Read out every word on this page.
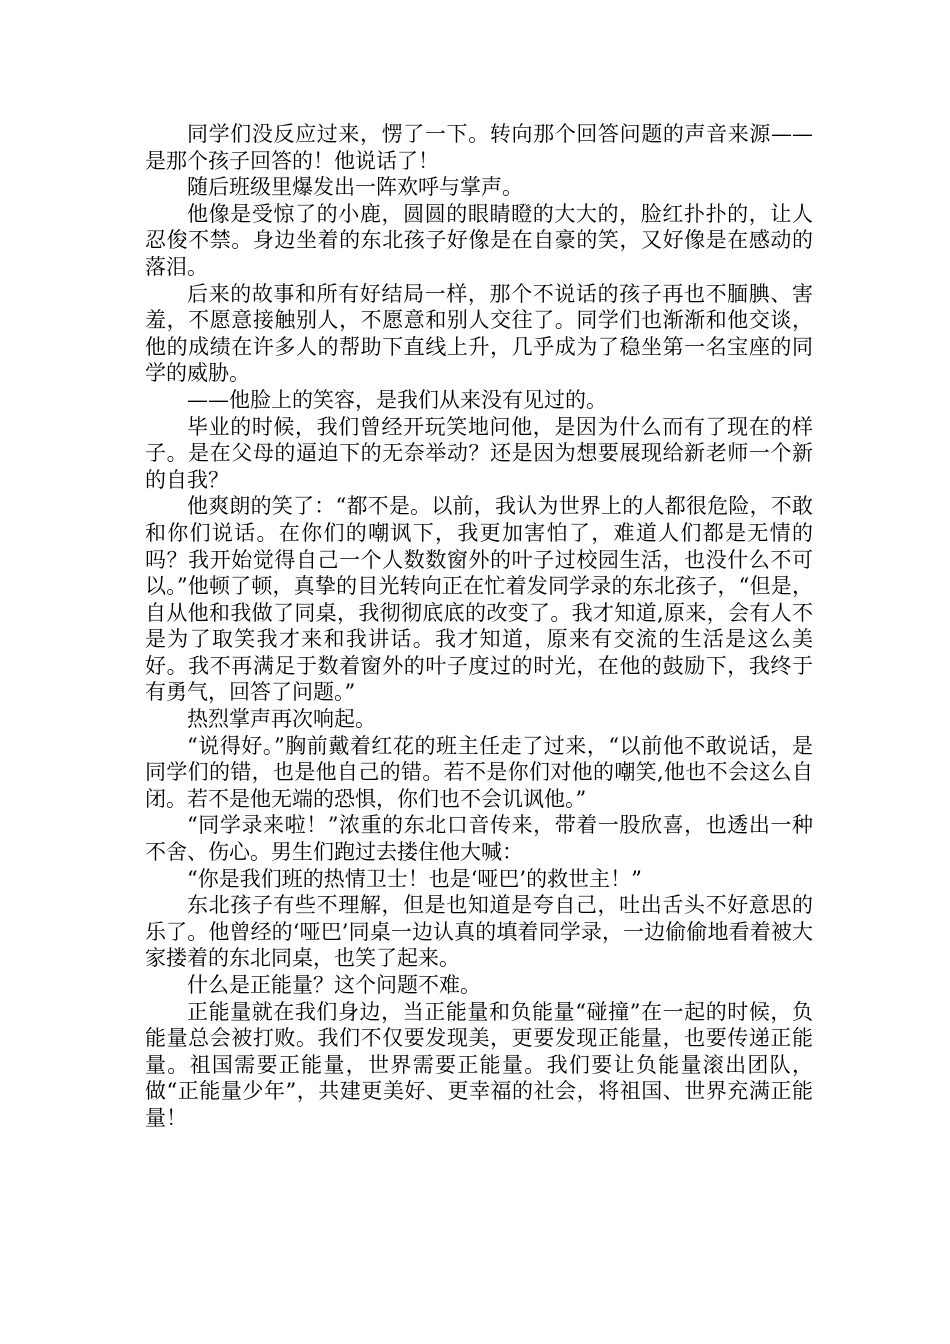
同学们没反应过来，愣了一下。转向那个回答问题的声音来源——是那个孩子回答的！他说话了！

随后班级里爆发出一阵欢呼与掌声。

他像是受惊了的小鹿，圆圆的眼睛瞪的大大的，脸红扑扑的，让人忍俊不禁。身边坐着的东北孩子好像是在自豪的笑，又好像是在感动的落泪。

后来的故事和所有好结局一样，那个不说话的孩子再也不腼腆、害羞，不愿意接触别人，不愿意和别人交往了。同学们也渐渐和他交谈，他的成绩在许多人的帮助下直线上升，几乎成为了稳坐第一名宝座的同学的威胁。

——他脸上的笑容，是我们从来没有见过的。

毕业的时候，我们曾经开玩笑地问他，是因为什么而有了现在的样子。是在父母的逼迫下的无奈举动？还是因为想要展现给新老师一个新的自我？

他爽朗的笑了：“都不是。以前，我认为世界上的人都很危险，不敢和你们说话。在你们的嘲讽下，我更加害怕了，难道人们都是无情的吗？我开始觉得自己一个人数数窗外的叶子过校园生活，也没什么不可以。”他顿了顿，真挚的目光转向正在忙着发同学录的东北孩子，“但是，自从他和我做了同桌，我彻彻底底的改变了。我才知道,原来，会有人不是为了取笑我才来和我讲话。我才知道，原来有交流的生活是这么美好。我不再满足于数着窗外的叶子度过的时光，在他的鼓励下，我终于有勇气，回答了问题。”

热烈掌声再次响起。

“说得好。”胸前戴着红花的班主任走了过来，“以前他不敢说话，是同学们的错，也是他自己的错。若不是你们对他的嘲笑,他也不会这么自闭。若不是他无端的恐惧，你们也不会讥讽他。”

“同学录来啦！”浓重的东北口音传来，带着一股欣喜，也透出一种不舍、伤心。男生们跑过去搂住他大喊：

“你是我们班的热情卫士！也是‘哑巴’的救世主！”

东北孩子有些不理解，但是也知道是夸自己，吐出舌头不好意思的乐了。他曾经的‘哑巴’同桌一边认真的填着同学录，一边偷偷地看着被大家搂着的东北同桌，也笑了起来。

什么是正能量？这个问题不难。

正能量就在我们身边，当正能量和负能量“碰撞”在一起的时候，负能量总会被打败。我们不仅要发现美，更要发现正能量，也要传递正能量。祖国需要正能量，世界需要正能量。我们要让负能量滚出团队，做“正能量少年”，共建更美好、更幸福的社会，将祖国、世界充满正能量！
